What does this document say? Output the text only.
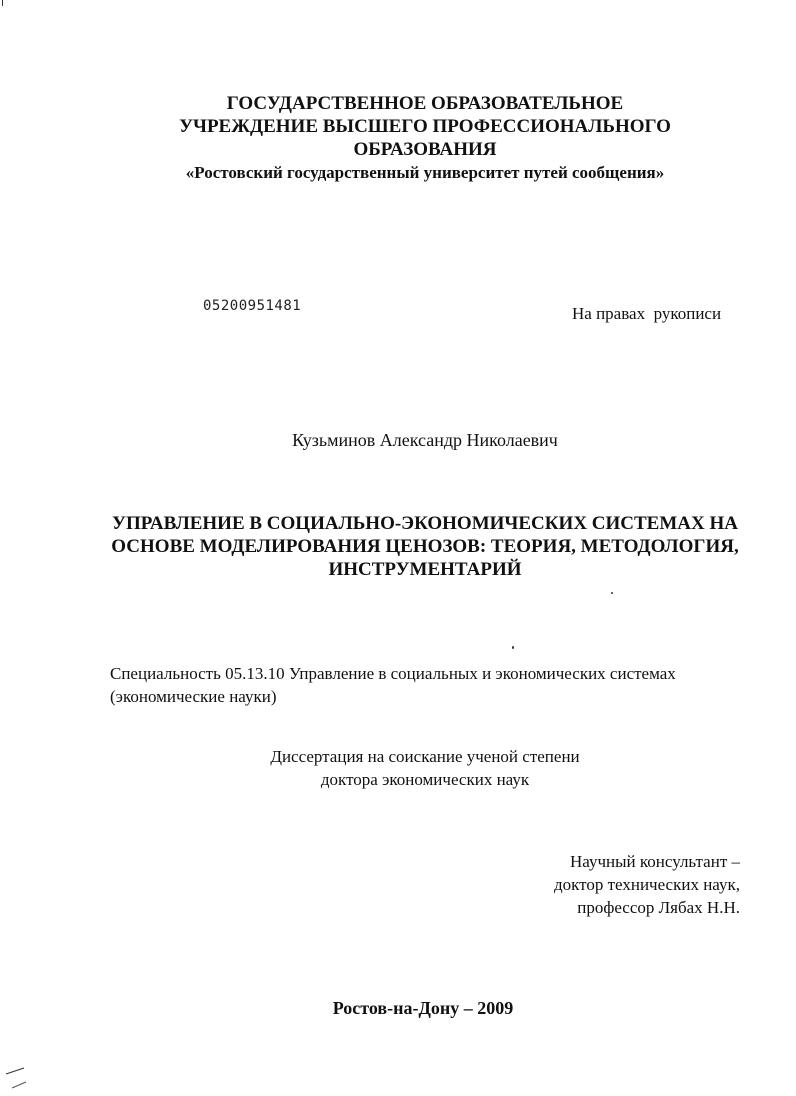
ГОСУДАРСТВЕННОЕ ОБРАЗОВАТЕЛЬНОЕ
УЧРЕЖДЕНИЕ ВЫСШЕГО ПРОФЕССИОНАЛЬНОГО
ОБРАЗОВАНИЯ
«Ростовский государственный университет путей сообщения»
05200951481	На правах  рукописи
Кузьминов Александр Николаевич
УПРАВЛЕНИЕ В СОЦИАЛЬНО-ЭКОНОМИЧЕСКИХ СИСТЕМАХ НА
ОСНОВЕ МОДЕЛИРОВАНИЯ ЦЕНОЗОВ: ТЕОРИЯ, МЕТОДОЛОГИЯ,
ИНСТРУМЕНТАРИЙ
Специальность 05.13.10 Управление в социальных и экономических системах
(экономические науки)
Диссертация на соискание ученой степени
доктора экономических наук
Научный консультант –
доктор технических наук,
профессор Лябах Н.Н.
Ростов-на-Дону – 2009
